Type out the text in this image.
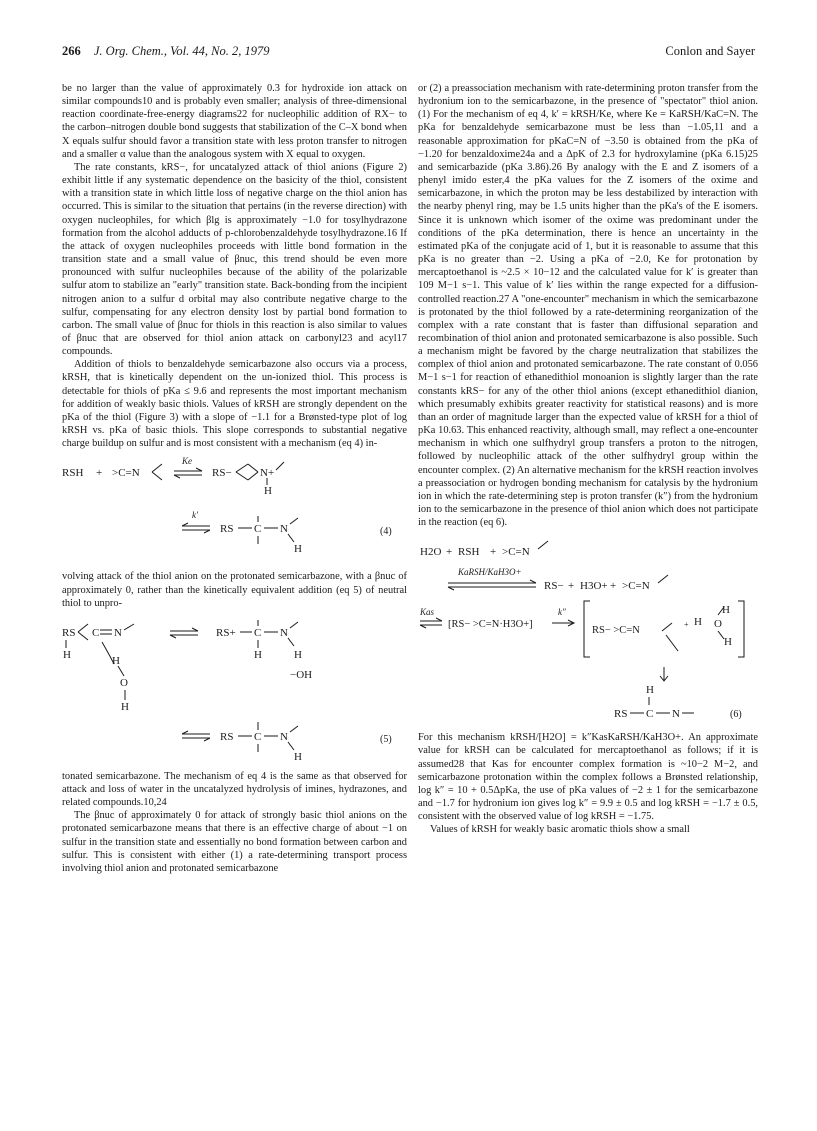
266 J. Org. Chem., Vol. 44, No. 2, 1979	Conlon and Sayer

be no larger than the value of approximately 0.3 for hydroxide ion attack on similar compounds10 and is probably even smaller; analysis of three-dimensional reaction coordinate-free-energy diagrams22 for nucleophilic addition of RX− to the carbon–nitrogen double bond suggests that stabilization of the C–X bond when X equals sulfur should favor a transition state with less proton transfer to nitrogen and a smaller α value than the analogous system with X equal to oxygen.

The rate constants, kRS−, for uncatalyzed attack of thiol anions (Figure 2) exhibit little if any systematic dependence on the basicity of the thiol, consistent with a transition state in which little loss of negative charge on the thiol anion has occurred. This is similar to the situation that pertains (in the reverse direction) with oxygen nucleophiles, for which βlg is approximately −1.0 for tosylhydrazone formation from the alcohol adducts of p-chlorobenzaldehyde tosylhydrazone.16 If the attack of oxygen nucleophiles proceeds with little bond formation in the transition state and a small value of βnuc, this trend should be even more pronounced with sulfur nucleophiles because of the ability of the polarizable sulfur atom to stabilize an "early" transition state. Back-bonding from the incipient nitrogen anion to a sulfur d orbital may also contribute negative charge to the sulfur, compensating for any electron density lost by partial bond formation to carbon. The small value of βnuc for thiols in this reaction is also similar to values of βnuc that are observed for thiol anion attack on carbonyl23 and acyl17 compounds.

Addition of thiols to benzaldehyde semicarbazone also occurs via a process, kRSH, that is kinetically dependent on the un-ionized thiol. This process is detectable for thiols of pKa ≤ 9.6 and represents the most important mechanism for addition of weakly basic thiols. Values of kRSH are strongly dependent on the pKa of the thiol (Figure 3) with a slope of −1.1 for a Brønsted-type plot of log kRSH vs. pKa of basic thiols. This slope corresponds to substantial negative charge buildup on sulfur and is most consistent with a mechanism (eq 4) in-

RSH + >C=N
Ke
RS−	N+
H
k′
RS C N
H
(4)

volving attack of the thiol anion on the protonated semicarbazone, with a βnuc of approximately 0, rather than the kinetically equivalent addition (eq 5) of neutral thiol to unpro-

RS C N
H	H
O
H
RS+ C N
H
H
−OH
RS C N
H
(5)

tonated semicarbazone. The mechanism of eq 4 is the same as that observed for attack and loss of water in the uncatalyzed hydrolysis of imines, hydrazones, and related compounds.10,24

The βnuc of approximately 0 for attack of strongly basic thiol anions on the protonated semicarbazone means that there is an effective charge of about −1 on sulfur in the transition state and essentially no bond formation between carbon and sulfur. This is consistent with either (1) a rate-determining transport process involving thiol anion and protonated semicarbazone

or (2) a preassociation mechanism with rate-determining proton transfer from the hydronium ion to the semicarbazone, in the presence of "spectator" thiol anion. (1) For the mechanism of eq 4, k′ = kRSH/Ke, where Ke = KaRSH/KaC=N. The pKa for benzaldehyde semicarbazone must be less than −1.05,11 and a reasonable approximation for pKaC=N of −3.50 is obtained from the pKa of −1.20 for benzaldoxime24a and a ΔpK of 2.3 for hydroxylamine (pKa 6.15)25 and semicarbazide (pKa 3.86).26 By analogy with the E and Z isomers of a phenyl imido ester,4 the pKa values for the Z isomers of the oxime and semicarbazone, in which the proton may be less destabilized by interaction with the nearby phenyl ring, may be 1.5 units higher than the pKa's of the E isomers. Since it is unknown which isomer of the oxime was predominant under the conditions of the pKa determination, there is hence an uncertainty in the estimated pKa of the conjugate acid of 1, but it is reasonable to assume that this pKa is no greater than −2. Using a pKa of −2.0, Ke for protonation by mercaptoethanol is ~2.5 × 10−12 and the calculated value for k′ is greater than 109 M−1 s−1. This value of k′ lies within the range expected for a diffusion-controlled reaction.27 A "one-encounter" mechanism in which the semicarbazone is protonated by the thiol followed by a rate-determining reorganization of the complex with a rate constant that is faster than diffusional separation and recombination of thiol anion and protonated semicarbazone is also possible. Such a mechanism might be favored by the charge neutralization that stabilizes the complex of thiol anion and protonated semicarbazone. The rate constant of 0.056 M−1 s−1 for reaction of ethanedithiol monoanion is slightly larger than the rate constants kRS− for any of the other thiol anions (except ethanedithiol dianion, which presumably exhibits greater reactivity for statistical reasons) and is more than an order of magnitude larger than the expected value of kRSH for a thiol of pKa 10.63. This enhanced reactivity, although small, may reflect a one-encounter mechanism in which one sulfhydryl group transfers a proton to the nitrogen, followed by nucleophilic attack of the other sulfhydryl group within the encounter complex. (2) An alternative mechanism for the kRSH reaction involves a preassociation or hydrogen bonding mechanism for catalysis by the hydronium ion in which the rate-determining step is proton transfer (k″) from the hydronium ion to the semicarbazone in the presence of thiol anion which does not participate in the reaction (eq 6).

H2O + RSH + >C=N
KaRSH/KaH3O+
RS− + H3O+ + >C=N
Kas
[RS− >C=N·H3O+]
k″
RS− >C=N
H
H O
H
+
H
RS C N	(6)

For this mechanism kRSH/[H2O] = k″KasKaRSH/KaH3O+. An approximate value for kRSH can be calculated for mercaptoethanol as follows; if it is assumed28 that Kas for encounter complex formation is ~10−2 M−2, and semicarbazone protonation within the complex follows a Brønsted relationship, log k″ = 10 + 0.5ΔpKa, the use of pKa values of −2 ± 1 for the semicarbazone and −1.7 for hydronium ion gives log k″ = 9.9 ± 0.5 and log kRSH = −1.7 ± 0.5, consistent with the observed value of log kRSH = −1.75.

Values of kRSH for weakly basic aromatic thiols show a small
